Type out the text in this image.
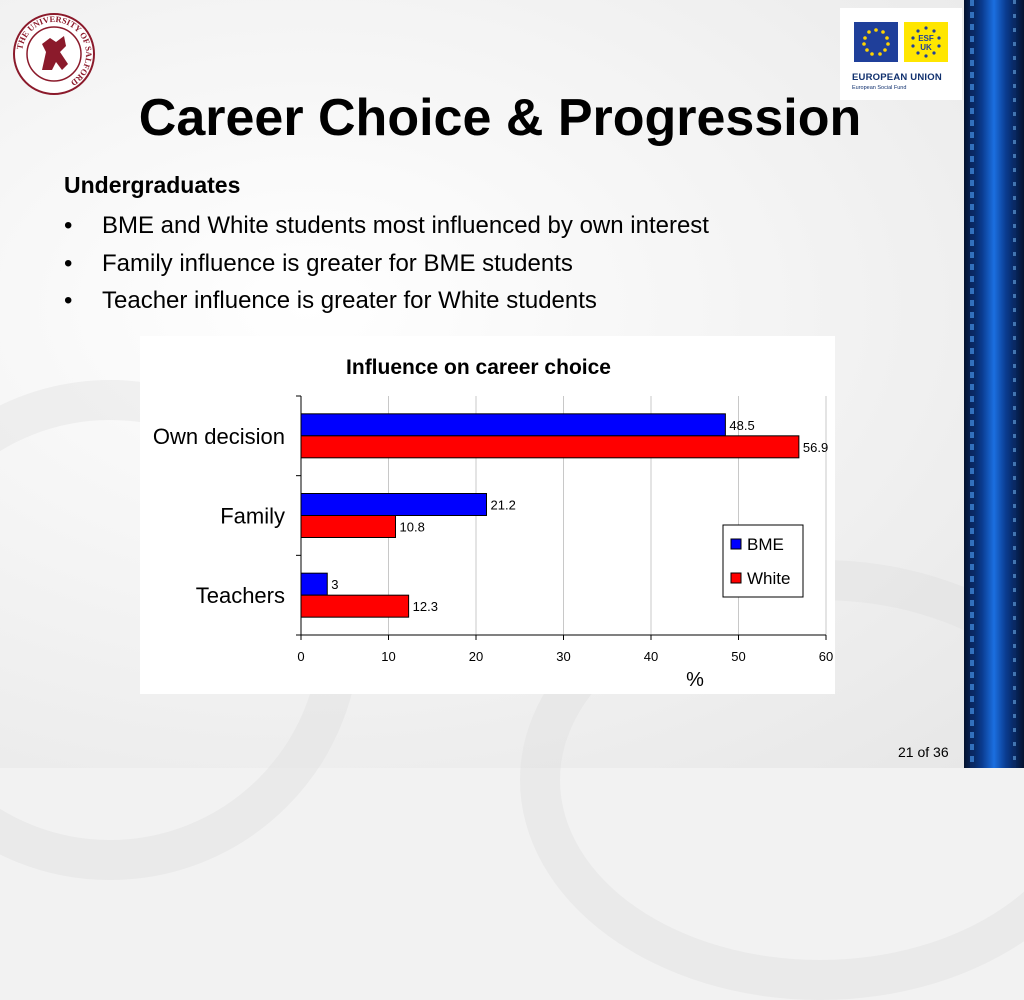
THE UNIVERSITY OF SALFORD
ESF
UK
EUROPEAN UNION
European Social Fund
Career Choice & Progression
Undergraduates
• BME and White students most influenced by own interest
• Family influence is greater for BME students
• Teacher influence is greater for White students
Influence on career choice
0	10	20	30	40	50	60
Own decision	48.5
56.9
Family	21.2
10.8
Teachers	3
12.3
%
BME
White
21 of 36
